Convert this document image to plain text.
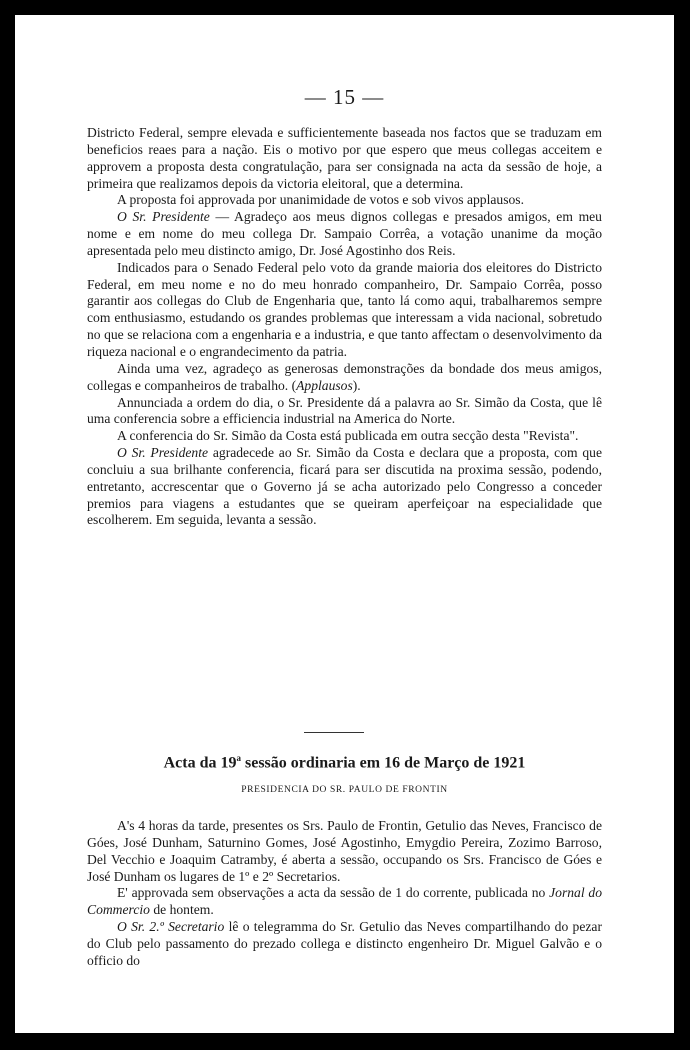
— 15 —

Districto Federal, sempre elevada e sufficientemente baseada nos factos que se traduzam em beneficios reaes para a nação. Eis o motivo por que espero que meus collegas acceitem e approvem a proposta desta congratulação, para ser consignada na acta da sessão de hoje, a primeira que realizamos depois da victoria eleitoral, que a determina.

A proposta foi approvada por unanimidade de votos e sob vivos applausos.

O Sr. Presidente — Agradeço aos meus dignos collegas e presados amigos, em meu nome e em nome do meu collega Dr. Sampaio Corrêa, a votação unanime da moção apresentada pelo meu distincto amigo, Dr. José Agostinho dos Reis.

Indicados para o Senado Federal pelo voto da grande maioria dos eleitores do Districto Federal, em meu nome e no do meu honrado companheiro, Dr. Sampaio Corrêa, posso garantir aos collegas do Club de Engenharia que, tanto lá como aqui, trabalharemos sempre com enthusiasmo, estudando os grandes problemas que interessam a vida nacional, sobretudo no que se relaciona com a engenharia e a industria, e que tanto affectam o desenvolvimento da riqueza nacional e o engrandecimento da patria.

Ainda uma vez, agradeço as generosas demonstrações da bondade dos meus amigos, collegas e companheiros de trabalho. (Applausos).

Annunciada a ordem do dia, o Sr. Presidente dá a palavra ao Sr. Simão da Costa, que lê uma conferencia sobre a efficiencia industrial na America do Norte.

A conferencia do Sr. Simão da Costa está publicada em outra secção desta "Revista".

O Sr. Presidente agradecede ao Sr. Simão da Costa e declara que a proposta, com que concluiu a sua brilhante conferencia, ficará para ser discutida na proxima sessão, podendo, entretanto, accrescentar que o Governo já se acha autorizado pelo Congresso a conceder premios para viagens a estudantes que se queiram aperfeiçoar na especialidade que escolherem. Em seguida, levanta a sessão.

Acta da 19$^a$ sessão ordinaria em 16 de Março de 1921
PRESIDENCIA DO SR. PAULO DE FRONTIN

A's 4 horas da tarde, presentes os Srs. Paulo de Frontin, Getulio das Neves, Francisco de Góes, José Dunham, Saturnino Gomes, José Agostinho, Emygdio Pereira, Zozimo Barroso, Del Vecchio e Joaquim Catramby, é aberta a sessão, occupando os Srs. Francisco de Góes e José Dunham os lugares de 1º e 2º Secretarios.

E' approvada sem observações a acta da sessão de 1 do corrente, publicada no Jornal do Commercio de hontem.

O Sr. 2.º Secretario lê o telegramma do Sr. Getulio das Neves compartilhando do pezar do Club pelo passamento do prezado collega e distincto engenheiro Dr. Miguel Galvão e o officio do
